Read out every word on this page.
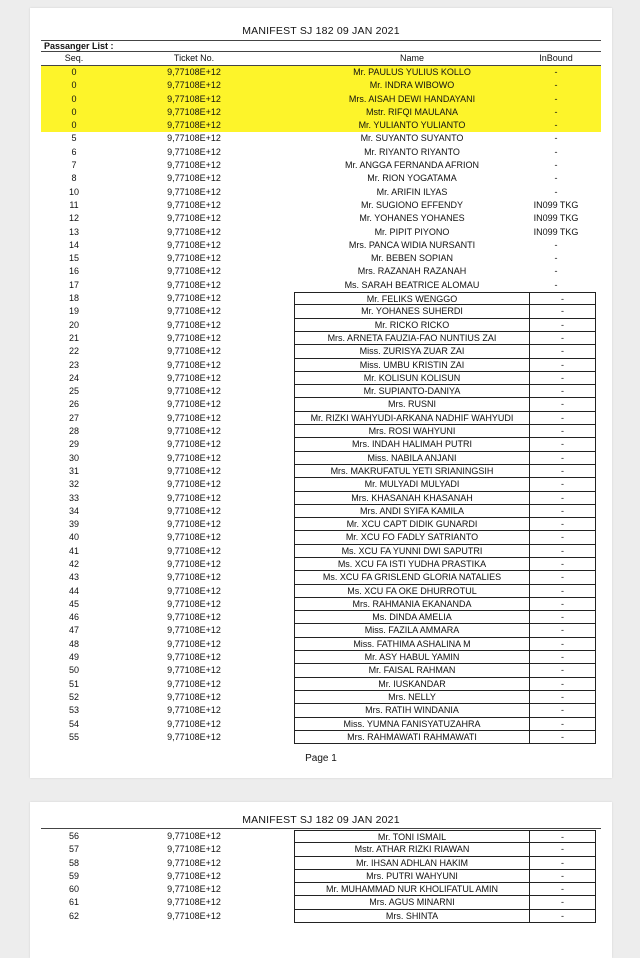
MANIFEST SJ 182 09 JAN 2021
Passanger List :
Seq.	Ticket No.	Name	InBound
0	9,77108E+12	Mr. PAULUS YULIUS KOLLO	-
0	9,77108E+12	Mr. INDRA WIBOWO	-
0	9,77108E+12	Mrs. AISAH DEWI HANDAYANI	-
0	9,77108E+12	Mstr. RIFQI MAULANA	-
0	9,77108E+12	Mr. YULIANTO YULIANTO	-
5	9,77108E+12	Mr. SUYANTO SUYANTO	-
6	9,77108E+12	Mr. RIYANTO RIYANTO	-
7	9,77108E+12	Mr. ANGGA FERNANDA AFRION	-
8	9,77108E+12	Mr. RION YOGATAMA	-
10	9,77108E+12	Mr. ARIFIN ILYAS	-
11	9,77108E+12	Mr. SUGIONO EFFENDY	IN099 TKG
12	9,77108E+12	Mr. YOHANES YOHANES	IN099 TKG
13	9,77108E+12	Mr. PIPIT PIYONO	IN099 TKG
14	9,77108E+12	Mrs. PANCA WIDIA NURSANTI	-
15	9,77108E+12	Mr. BEBEN SOPIAN	-
16	9,77108E+12	Mrs. RAZANAH RAZANAH	-
17	9,77108E+12	Ms. SARAH BEATRICE ALOMAU	-
18	9,77108E+12	Mr. FELIKS WENGGO	-
19	9,77108E+12	Mr. YOHANES SUHERDI	-
20	9,77108E+12	Mr. RICKO RICKO	-
21	9,77108E+12	Mrs. ARNETA FAUZIA-FAO NUNTIUS ZAI	-
22	9,77108E+12	Miss. ZURISYA ZUAR ZAI	-
23	9,77108E+12	Miss. UMBU KRISTIN ZAI	-
24	9,77108E+12	Mr. KOLISUN KOLISUN	-
25	9,77108E+12	Mr. SUPIANTO-DANIYA	-
26	9,77108E+12	Mrs. RUSNI	-
27	9,77108E+12	Mr. RIZKI WAHYUDI-ARKANA NADHIF WAHYUDI	-
28	9,77108E+12	Mrs. ROSI WAHYUNI	-
29	9,77108E+12	Mrs. INDAH HALIMAH PUTRI	-
30	9,77108E+12	Miss. NABILA ANJANI	-
31	9,77108E+12	Mrs. MAKRUFATUL YETI SRIANINGSIH	-
32	9,77108E+12	Mr. MULYADI MULYADI	-
33	9,77108E+12	Mrs. KHASANAH KHASANAH	-
34	9,77108E+12	Mrs. ANDI SYIFA KAMILA	-
39	9,77108E+12	Mr. XCU CAPT DIDIK GUNARDI	-
40	9,77108E+12	Mr. XCU FO FADLY SATRIANTO	-
41	9,77108E+12	Ms. XCU FA YUNNI DWI SAPUTRI	-
42	9,77108E+12	Ms. XCU FA ISTI YUDHA PRASTIKA	-
43	9,77108E+12	Ms. XCU FA GRISLEND GLORIA NATALIES	-
44	9,77108E+12	Ms. XCU FA OKE DHURROTUL	-
45	9,77108E+12	Mrs. RAHMANIA EKANANDA	-
46	9,77108E+12	Ms. DINDA AMELIA	-
47	9,77108E+12	Miss. FAZILA AMMARA	-
48	9,77108E+12	Miss. FATHIMA ASHALINA M	-
49	9,77108E+12	Mr. ASY HABUL YAMIN	-
50	9,77108E+12	Mr. FAISAL RAHMAN	-
51	9,77108E+12	Mr. IUSKANDAR	-
52	9,77108E+12	Mrs. NELLY	-
53	9,77108E+12	Mrs. RATIH WINDANIA	-
54	9,77108E+12	Miss. YUMNA FANISYATUZAHRA	-
55	9,77108E+12	Mrs. RAHMAWATI RAHMAWATI	-
Page 1
MANIFEST SJ 182 09 JAN 2021
56	9,77108E+12	Mr. TONI ISMAIL	-
57	9,77108E+12	Mstr. ATHAR RIZKI RIAWAN	-
58	9,77108E+12	Mr. IHSAN ADHLAN HAKIM	-
59	9,77108E+12	Mrs. PUTRI WAHYUNI	-
60	9,77108E+12	Mr. MUHAMMAD NUR KHOLIFATUL AMIN	-
61	9,77108E+12	Mrs. AGUS MINARNI	-
62	9,77108E+12	Mrs. SHINTA	-
